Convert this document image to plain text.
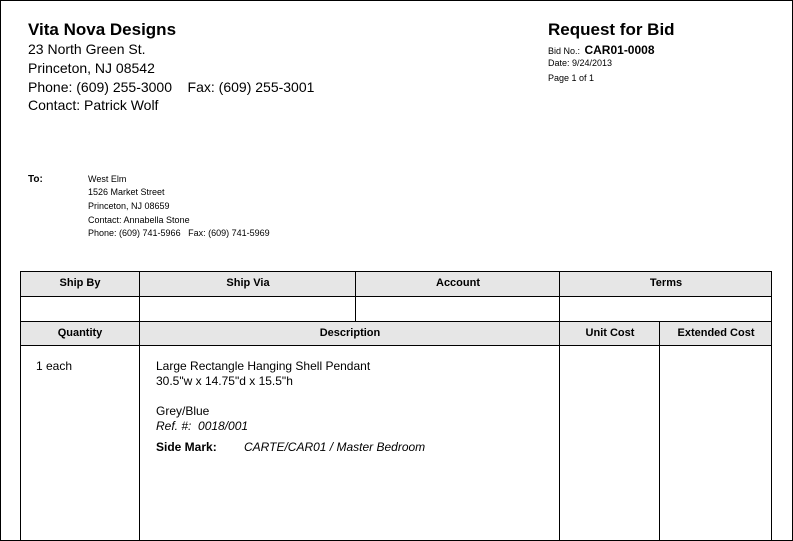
Vita Nova Designs
23 North Green St.
Princeton, NJ 08542
Phone: (609) 255-3000    Fax: (609) 255-3001
Contact: Patrick Wolf
Request for Bid
Bid No.: CAR01-0008
Date: 9/24/2013
Page 1 of 1
To:	West Elm
1526 Market Street
Princeton, NJ 08659
Contact: Annabella Stone
Phone: (609) 741-5966   Fax: (609) 741-5969
Ship By	Ship Via	Account	Terms
Quantity	Description	Unit Cost	Extended Cost
1 each	Large Rectangle Hanging Shell Pendant
30.5"w x 14.75"d x 15.5"h
Grey/Blue
Ref. #:  0018/001
Side Mark: CARTE/CAR01 / Master Bedroom
